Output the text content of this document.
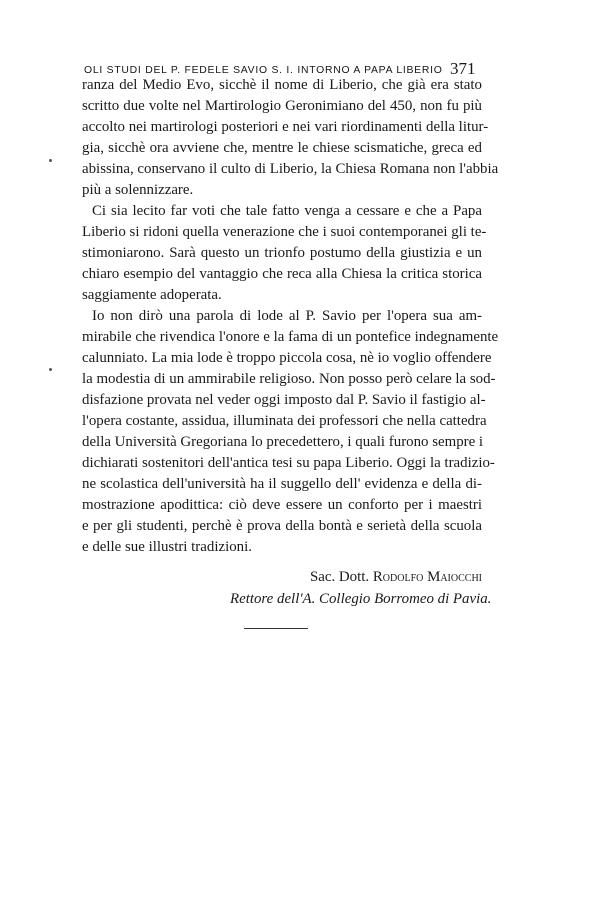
OLI STUDI DEL P. FEDELE SAVIO S. I. INTORNO A PAPA LIBERIO 371
ranza del Medio Evo, sicchè il nome di Liberio, che già era stato
scritto due volte nel Martirologio Geronimiano del 450, non fu più
accolto nei martirologi posteriori e nei vari riordinamenti della litur-
gia, sicchè ora avviene che, mentre le chiese scismatiche, greca ed
abissina, conservano il culto di Liberio, la Chiesa Romana non l'abbia
più a solennizzare.
Ci sia lecito far voti che tale fatto venga a cessare e che a Papa
Liberio si ridoni quella venerazione che i suoi contemporanei gli te-
stimoniarono. Sarà questo un trionfo postumo della giustizia e un
chiaro esempio del vantaggio che reca alla Chiesa la critica storica
saggiamente adoperata.
Io non dirò una parola di lode al P. Savio per l'opera sua am-
mirabile che rivendica l'onore e la fama di un pontefice indegnamente
calunniato. La mia lode è troppo piccola cosa, nè io voglio offendere
la modestia di un ammirabile religioso. Non posso però celare la sod-
disfazione provata nel veder oggi imposto dal P. Savio il fastigio al-
l'opera costante, assidua, illuminata dei professori che nella cattedra
della Università Gregoriana lo precedettero, i quali furono sempre i
dichiarati sostenitori dell'antica tesi su papa Liberio. Oggi la tradizio-
ne scolastica dell'università ha il suggello dell' evidenza e della di-
mostrazione apodittica: ciò deve essere un conforto per i maestri
e per gli studenti, perchè è prova della bontà e serietà della scuola
e delle sue illustri tradizioni.
Sac. Dott. Rodolfo Maiocchi
Rettore dell'A. Collegio Borromeo di Pavia.
